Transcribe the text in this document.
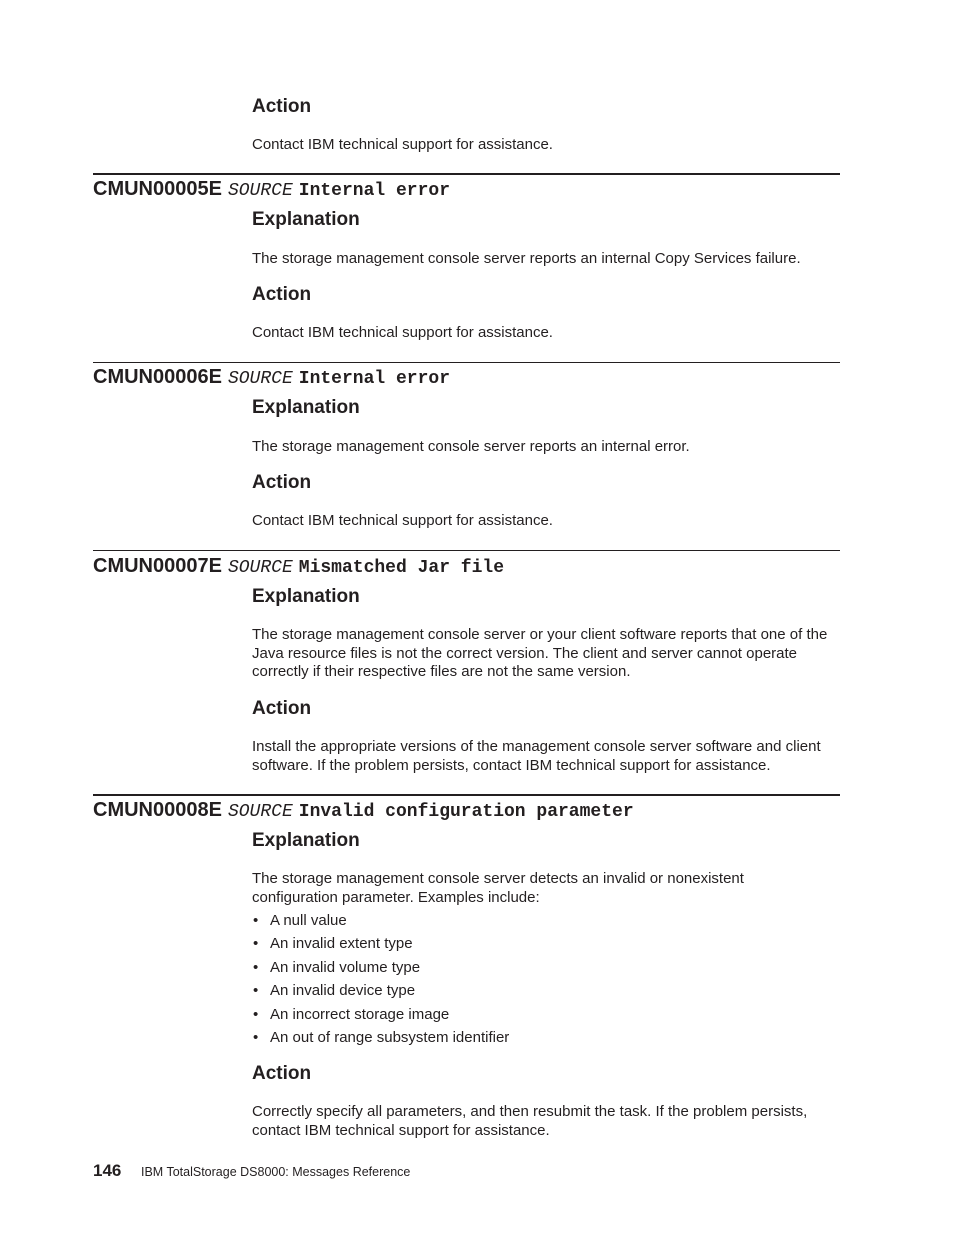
Action

Contact IBM technical support for assistance.

CMUN00005E SOURCE Internal error
Explanation

The storage management console server reports an internal Copy Services failure.

Action

Contact IBM technical support for assistance.

CMUN00006E SOURCE Internal error
Explanation

The storage management console server reports an internal error.

Action

Contact IBM technical support for assistance.

CMUN00007E SOURCE Mismatched Jar file
Explanation

The storage management console server or your client software reports that one of the Java resource files is not the correct version. The client and server cannot operate correctly if their respective files are not the same version.

Action

Install the appropriate versions of the management console server software and client software. If the problem persists, contact IBM technical support for assistance.

CMUN00008E SOURCE Invalid configuration parameter
Explanation

The storage management console server detects an invalid or nonexistent configuration parameter. Examples include:

• A null value
• An invalid extent type
• An invalid volume type
• An invalid device type
• An incorrect storage image
• An out of range subsystem identifier
Action

Correctly specify all parameters, and then resubmit the task. If the problem persists, contact IBM technical support for assistance.

146 IBM TotalStorage DS8000: Messages Reference
